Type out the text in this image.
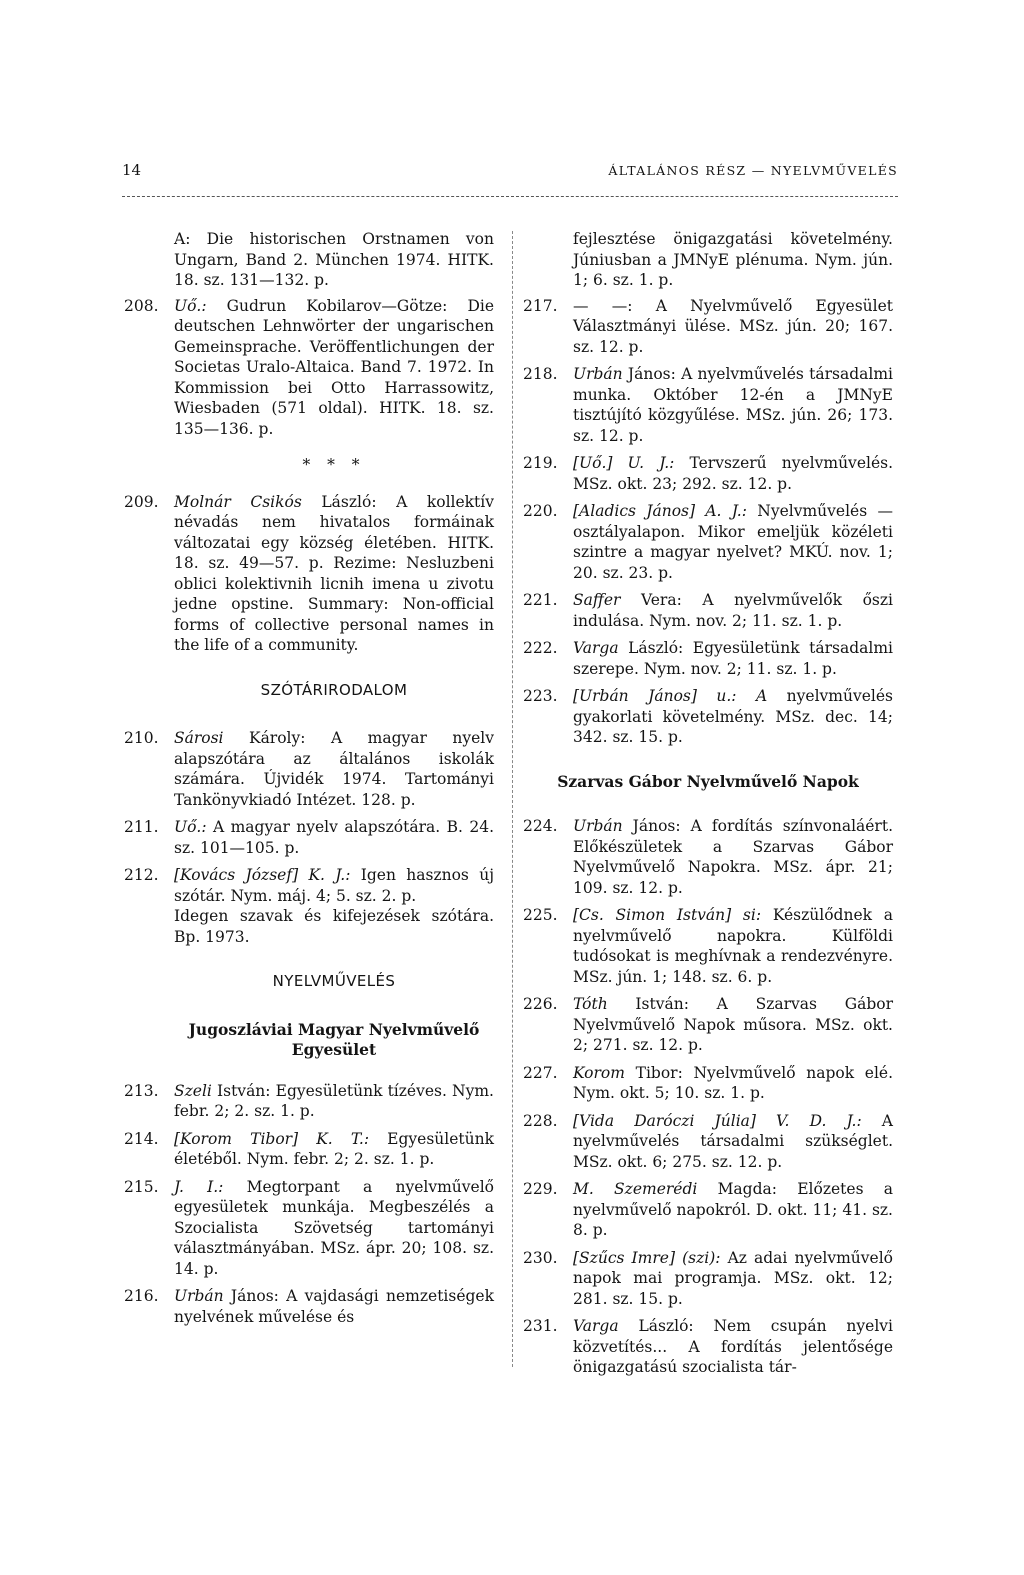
14	ÁLTALÁNOS RÉSZ — NYELVMŰVELÉS
A: Die historischen Orstnamen von Ungarn, Band 2. München 1974. HITK. 18. sz. 131—132. p.
208. Uő.: Gudrun Kobilarov—Götze: Die deutschen Lehnwörter der ungarischen Gemeinsprache. Veröffentlichungen der Societas Uralo-Altaica. Band 7. 1972. In Kommission bei Otto Harrassowitz, Wiesbaden (571 oldal). HITK. 18. sz. 135—136. p.
* * *
209. Molnár Csikós László: A kollektív névadás nem hivatalos formáinak változatai egy község életében. HITK. 18. sz. 49—57. p. Rezime: Nesluzbeni oblici kolektivnih licnih imena u zivotu jedne opstine. Summary: Non-official forms of collective personal names in the life of a community.
SZÓTÁRIRODALOM
210. Sárosi Károly: A magyar nyelv alapszótára az általános iskolák számára. Újvidék 1974. Tartományi Tankönyvkiadó Intézet. 128. p.
211. Uő.: A magyar nyelv alapszótára. B. 24. sz. 101—105. p.
212. [Kovács József] K. J.: Igen hasznos új szótár. Nym. máj. 4; 5. sz. 2. p.
Idegen szavak és kifejezések szótára. Bp. 1973.
NYELVMŰVELÉS
Jugoszláviai Magyar Nyelvművelő Egyesület
213. Szeli István: Egyesületünk tízéves. Nym. febr. 2; 2. sz. 1. p.
214. [Korom Tibor] K. T.: Egyesületünk életéből. Nym. febr. 2; 2. sz. 1. p.
215. J. I.: Megtorpant a nyelvművelő egyesületek munkája. Megbeszélés a Szocialista Szövetség tartományi választmányában. MSz. ápr. 20; 108. sz. 14. p.
216. Urbán János: A vajdasági nemzetiségek nyelvének művelése és
fejlesztése önigazgatási követelmény. Júniusban a JMNyE plénuma. Nym. jún. 1; 6. sz. 1. p.
217. — —: A Nyelvművelő Egyesület Választmányi ülése. MSz. jún. 20; 167. sz. 12. p.
218. Urbán János: A nyelvművelés társadalmi munka. Október 12-én a JMNyE tisztújító közgyűlése. MSz. jún. 26; 173. sz. 12. p.
219. [Uő.] U. J.: Tervszerű nyelvművelés. MSz. okt. 23; 292. sz. 12. p.
220. [Aladics János] A. J.: Nyelvművelés — osztályalapon. Mikor emeljük közéleti szintre a magyar nyelvet? MKÚ. nov. 1; 20. sz. 23. p.
221. Saffer Vera: A nyelvművelők őszi indulása. Nym. nov. 2; 11. sz. 1. p.
222. Varga László: Egyesületünk társadalmi szerepe. Nym. nov. 2; 11. sz. 1. p.
223. [Urbán János] u.: A nyelvművelés gyakorlati követelmény. MSz. dec. 14; 342. sz. 15. p.
Szarvas Gábor Nyelvművelő Napok
224. Urbán János: A fordítás színvonaláért. Előkészületek a Szarvas Gábor Nyelvművelő Napokra. MSz. ápr. 21; 109. sz. 12. p.
225. [Cs. Simon István] si: Készülődnek a nyelvművelő napokra. Külföldi tudósokat is meghívnak a rendezvényre. MSz. jún. 1; 148. sz. 6. p.
226. Tóth István: A Szarvas Gábor Nyelvművelő Napok műsora. MSz. okt. 2; 271. sz. 12. p.
227. Korom Tibor: Nyelvművelő napok elé. Nym. okt. 5; 10. sz. 1. p.
228. [Vida Daróczi Júlia] V. D. J.: A nyelvművelés társadalmi szükséglet. MSz. okt. 6; 275. sz. 12. p.
229. M. Szemerédi Magda: Előzetes a nyelvművelő napokról. D. okt. 11; 41. sz. 8. p.
230. [Szűcs Imre] (szi): Az adai nyelvművelő napok mai programja. MSz. okt. 12; 281. sz. 15. p.
231. Varga László: Nem csupán nyelvi közvetítés... A fordítás jelentősége önigazgatású szocialista tár-
